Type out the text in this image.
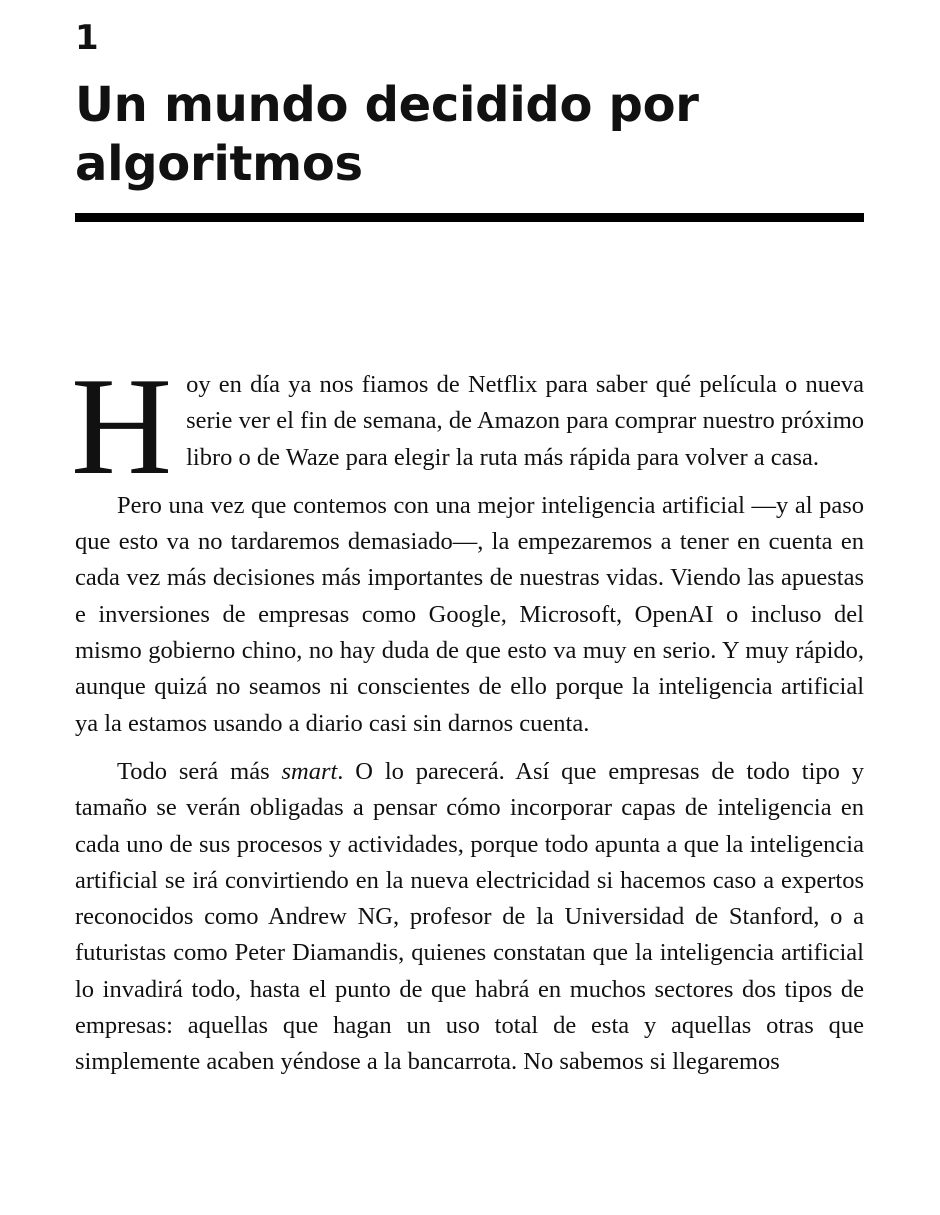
1
Un mundo decidido por algoritmos

Hoy en día ya nos fiamos de Netflix para saber qué película o nueva serie ver el fin de semana, de Amazon para comprar nuestro próximo libro o de Waze para elegir la ruta más rápida para volver a casa.

Pero una vez que contemos con una mejor inteligencia artificial —y al paso que esto va no tardaremos demasiado—, la empezaremos a tener en cuenta en cada vez más decisiones más importantes de nuestras vidas. Viendo las apuestas e inversiones de empresas como Google, Microsoft, OpenAI o incluso del mismo gobierno chino, no hay duda de que esto va muy en serio. Y muy rápido, aunque quizá no seamos ni conscientes de ello porque la inteligencia artificial ya la estamos usando a diario casi sin darnos cuenta.

Todo será más smart. O lo parecerá. Así que empresas de todo tipo y tamaño se verán obligadas a pensar cómo incorporar capas de inteligencia en cada uno de sus procesos y actividades, porque todo apunta a que la inteligencia artificial se irá convirtiendo en la nueva electricidad si hacemos caso a expertos reconocidos como Andrew NG, profesor de la Universidad de Stanford, o a futuristas como Peter Diamandis, quienes constatan que la inteligencia artificial lo invadirá todo, hasta el punto de que habrá en muchos sectores dos tipos de empresas: aquellas que hagan un uso total de esta y aquellas otras que simplemente acaben yéndose a la bancarrota. No sabemos si llegaremos
